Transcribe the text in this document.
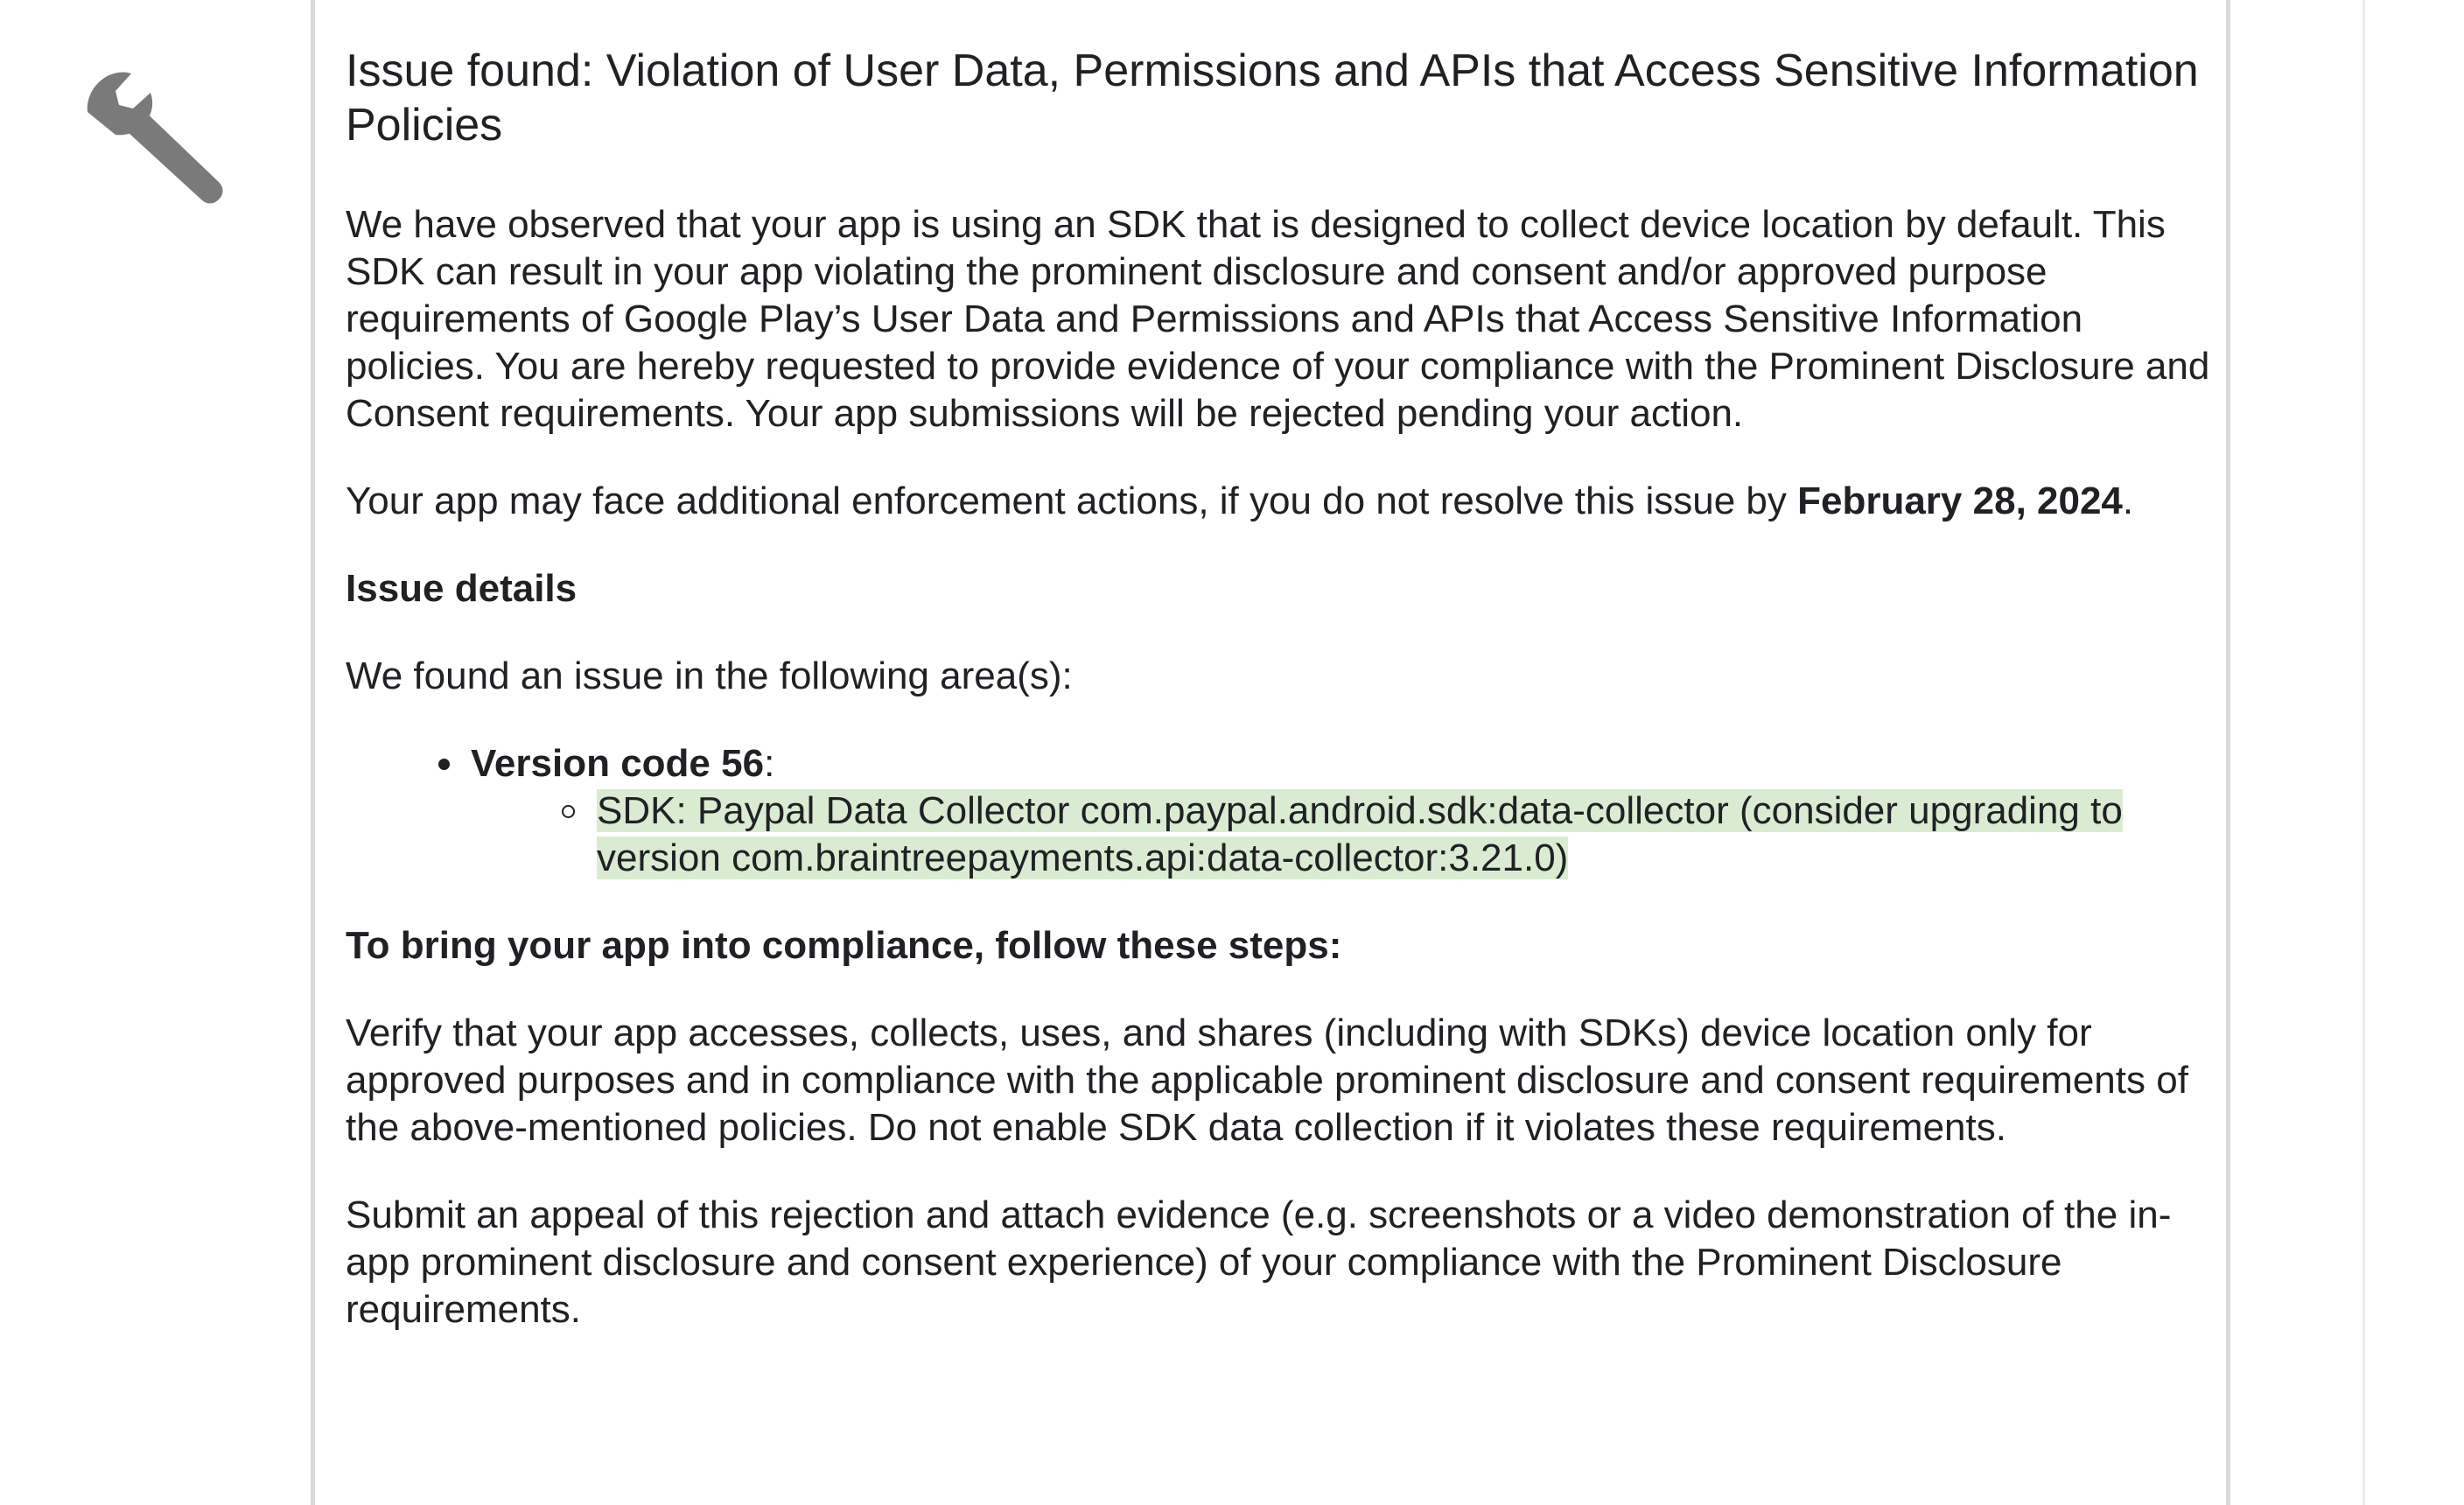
Issue found: Violation of User Data, Permissions and APIs that Access Sensitive Information Policies

We have observed that your app is using an SDK that is designed to collect device location by default. This SDK can result in your app violating the prominent disclosure and consent and/or approved purpose requirements of Google Play’s User Data and Permissions and APIs that Access Sensitive Information policies. You are hereby requested to provide evidence of your compliance with the Prominent Disclosure and Consent requirements. Your app submissions will be rejected pending your action.

Your app may face additional enforcement actions, if you do not resolve this issue by February 28, 2024.

Issue details

We found an issue in the following area(s):

Version code 56:
SDK: Paypal Data Collector com.paypal.android.sdk:data-collector (consider upgrading to version com.braintreepayments.api:data-collector:3.21.0)

To bring your app into compliance, follow these steps:

Verify that your app accesses, collects, uses, and shares (including with SDKs) device location only for approved purposes and in compliance with the applicable prominent disclosure and consent requirements of the above-mentioned policies. Do not enable SDK data collection if it violates these requirements.

Submit an appeal of this rejection and attach evidence (e.g. screenshots or a video demonstration of the in-app prominent disclosure and consent experience) of your compliance with the Prominent Disclosure requirements.
